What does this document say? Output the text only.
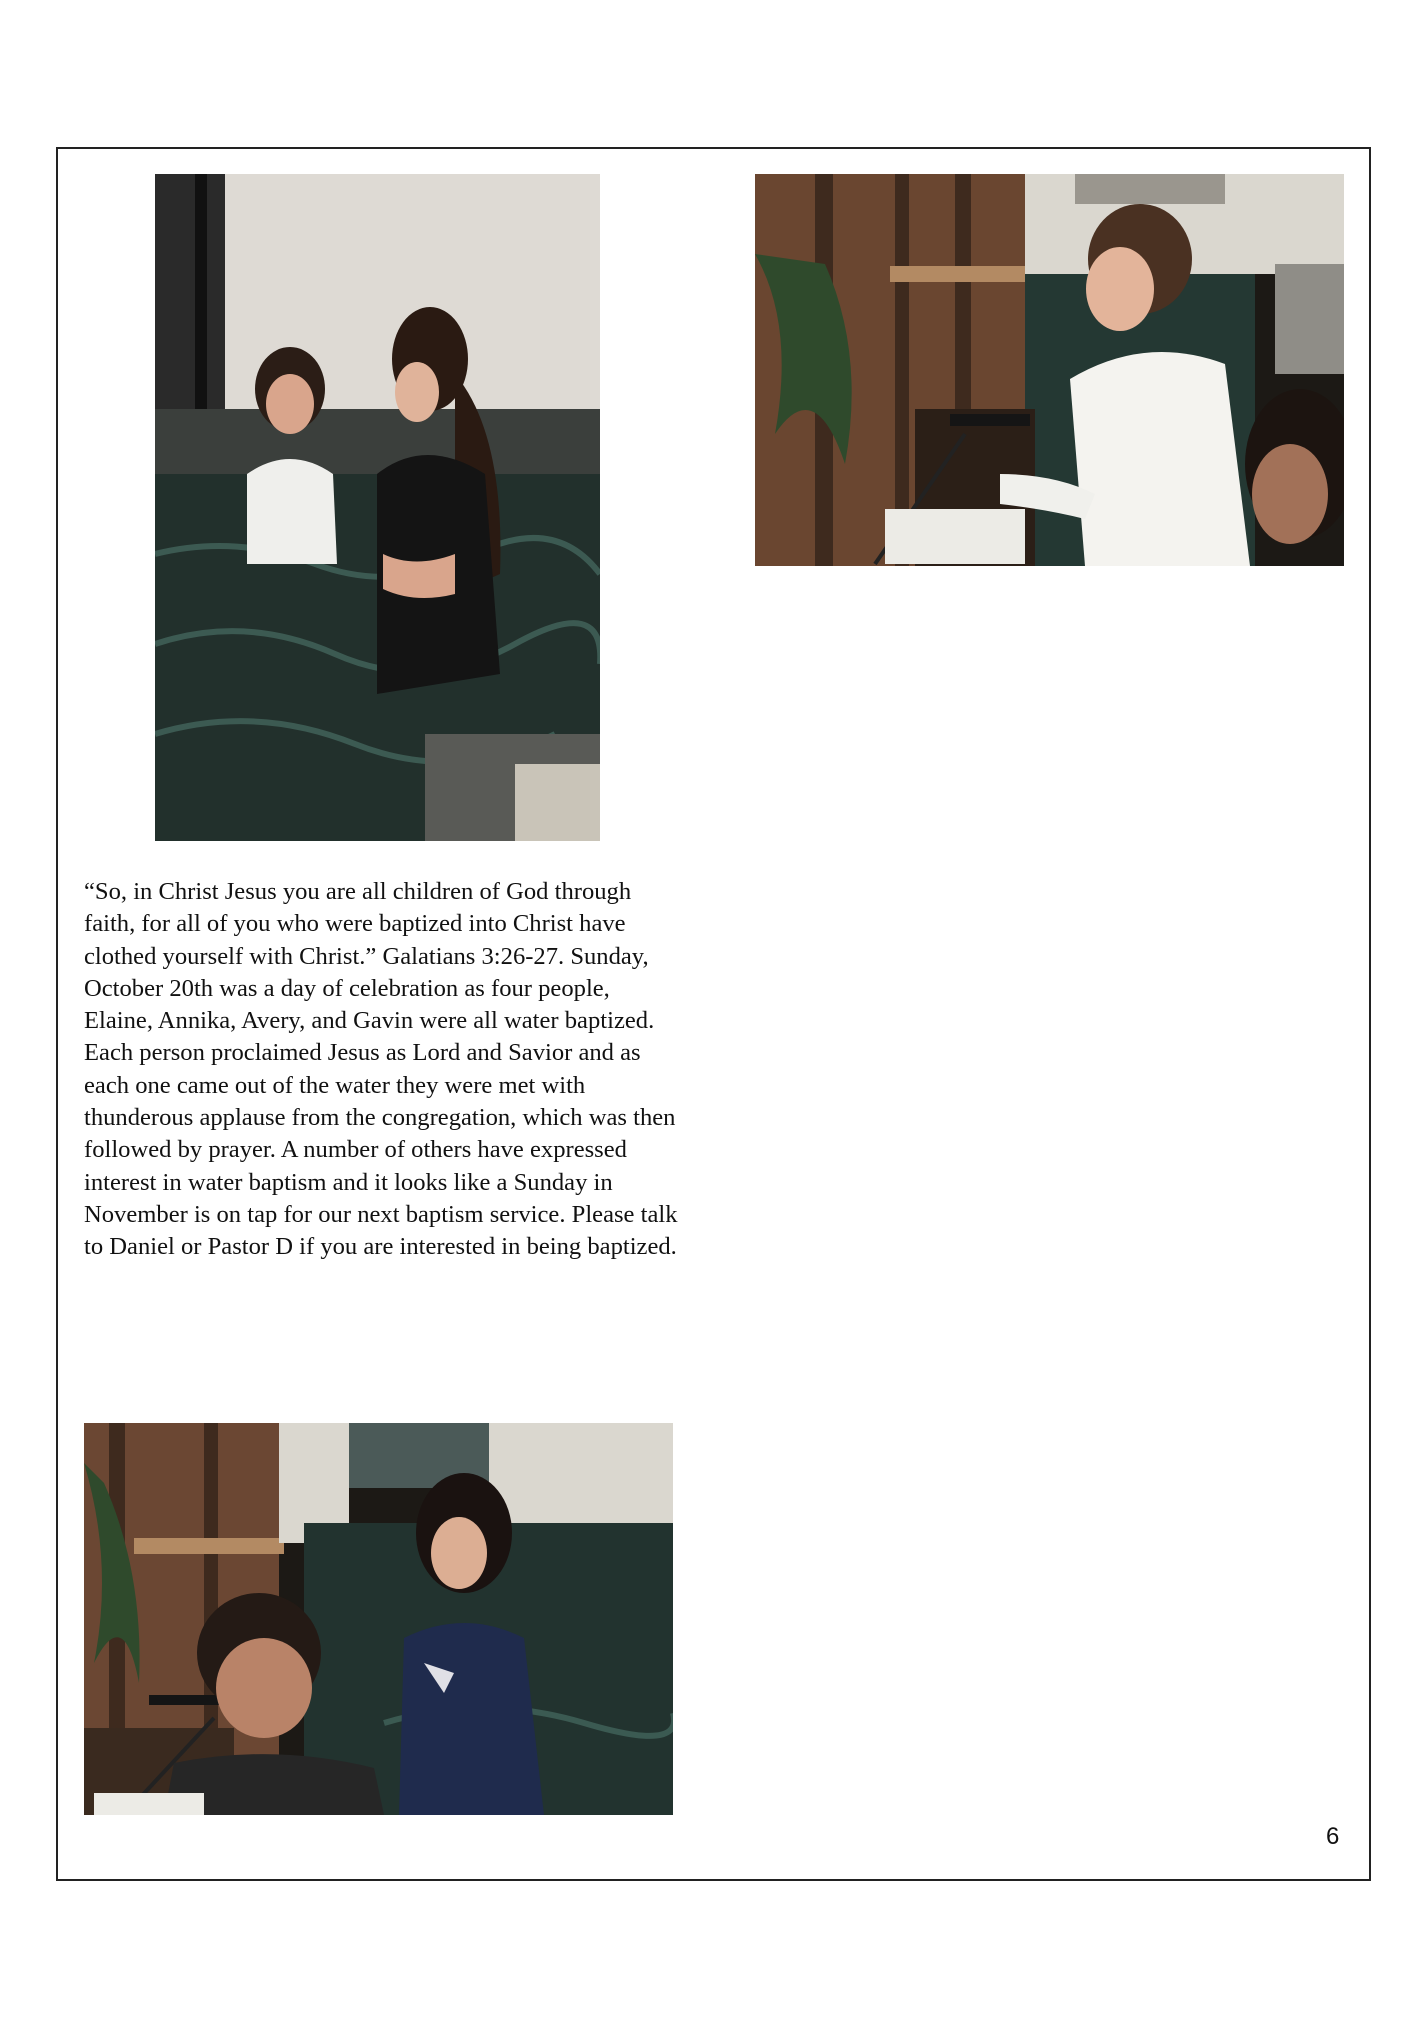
“So, in Christ Jesus you are all children of God through faith, for all of you who were baptized into Christ have clothed yourself with Christ.” Galatians 3:26-27. Sunday, October 20th was a day of celebration as four people, Elaine, Annika, Avery, and Gavin were all water baptized. Each person proclaimed Jesus as Lord and Savior and as each one came out of the water they were met with thunderous applause from the congregation, which was then followed by prayer. A number of others have expressed interest in water baptism and it looks like a Sunday in November is on tap for our next baptism service. Please talk to Daniel or Pastor D if you are interested in being baptized.
6
